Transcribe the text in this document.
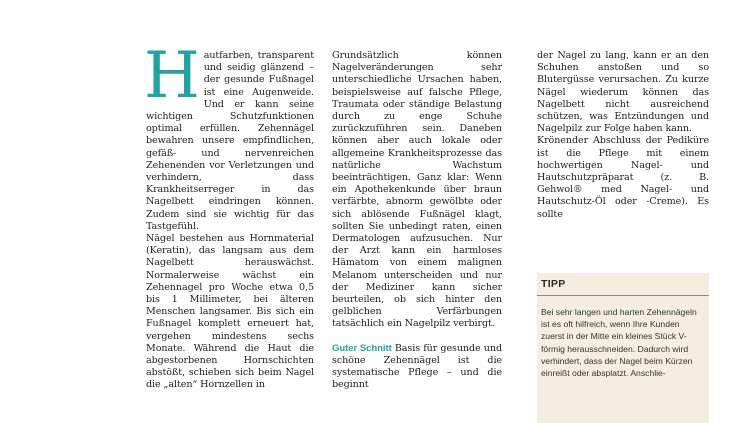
H autfarben, transparent und seidig glänzend – der gesunde Fußnagel ist eine Augenweide. Und er kann seine wichtigen Schutzfunktionen optimal erfüllen. Zehennägel bewahren unsere empfindlichen, gefäß- und nervenreichen Zehenenden vor Verletzungen und verhindern, dass Krankheitserreger in das Nagelbett eindringen können. Zudem sind sie wichtig für das Tastgefühl.

Nägel bestehen aus Hornmaterial (Keratin), das langsam aus dem Nagelbett herauswächst. Normalerweise wächst ein Zehennagel pro Woche etwa 0,5 bis 1 Millimeter, bei älteren Menschen langsamer. Bis sich ein Fußnagel komplett erneuert hat, vergehen mindestens sechs Monate. Während die Haut die abgestorbenen Hornschichten abstößt, schieben sich beim Nagel die „alten“ Hornzellen in

Grundsätzlich können Nagelveränderungen sehr unterschiedliche Ursachen haben, beispielsweise auf falsche Pflege, Traumata oder ständige Belastung durch zu enge Schuhe zurückzuführen sein. Daneben können aber auch lokale oder allgemeine Krankheitsprozesse das natürliche Wachstum beeinträchtigen. Ganz klar: Wenn ein Apothekenkunde über braun verfärbte, abnorm gewölbte oder sich ablösende Fußnägel klagt, sollten Sie unbedingt raten, einen Dermatologen aufzusuchen. Nur der Arzt kann ein harmloses Hämatom von einem malignen Melanom unterscheiden und nur der Mediziner kann sicher beurteilen, ob sich hinter den gelblichen Verfärbungen tatsächlich ein Nagelpilz verbirgt.

Guter Schnitt Basis für gesunde und schöne Zehennägel ist die systematische Pflege – und die beginnt

der Nagel zu lang, kann er an den Schuhen anstoßen und so Blutergüsse verursachen. Zu kurze Nägel wiederum können das Nagelbett nicht ausreichend schützen, was Entzündungen und Nagelpilz zur Folge haben kann.

Krönender Abschluss der Pediküre ist die Pflege mit einem hochwertigen Nagel- und Hautschutzpräparat (z. B. Gehwol® med Nagel- und Hautschutz-Öl oder -Creme). Es sollte

TIPP
Bei sehr langen und harten Zehennägeln ist es oft hilfreich, wenn Ihre Kunden zuerst in der Mitte ein kleines Stück V-förmig herausschneiden. Dadurch wird verhindert, dass der Nagel beim Kürzen einreißt oder absplatzt. Anschlie-
